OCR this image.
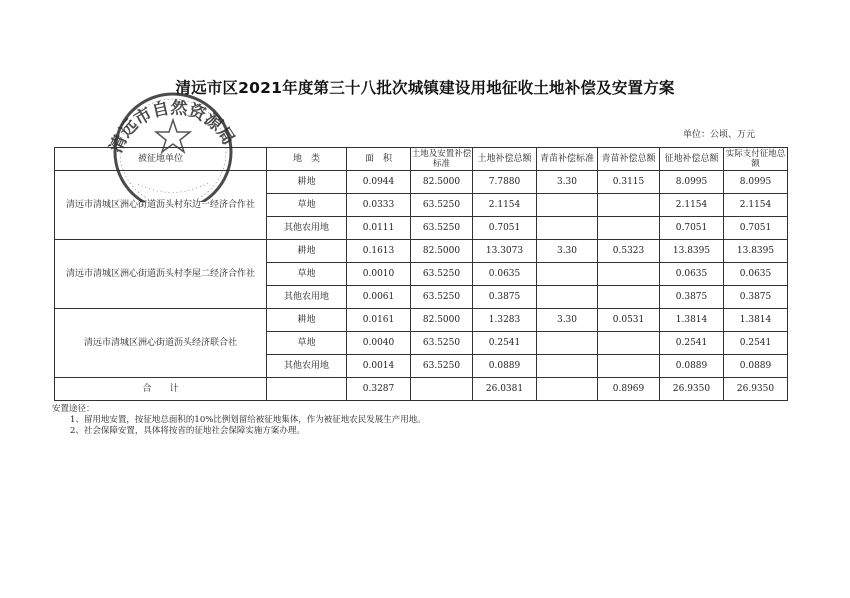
清远市区2021年度第三十八批次城镇建设用地征收土地补偿及安置方案
单位：公顷、万元
被征地单位	地　类	面　积	土地及安置补偿标准	土地补偿总额	青苗补偿标准	青苗补偿总额	征地补偿总额	实际支付征地总额
清远市清城区洲心街道沥头村东边一经济合作社	耕地	0.0944	82.5000	7.7880	3.30	0.3115	8.0995	8.0995
	草地	0.0333	63.5250	2.1154			2.1154	2.1154
	其他农用地	0.0111	63.5250	0.7051			0.7051	0.7051
清远市清城区洲心街道沥头村李屋二经济合作社	耕地	0.1613	82.5000	13.3073	3.30	0.5323	13.8395	13.8395
	草地	0.0010	63.5250	0.0635			0.0635	0.0635
	其他农用地	0.0061	63.5250	0.3875			0.3875	0.3875
清远市清城区洲心街道沥头经济联合社	耕地	0.0161	82.5000	1.3283	3.30	0.0531	1.3814	1.3814
	草地	0.0040	63.5250	0.2541			0.2541	0.2541
	其他农用地	0.0014	63.5250	0.0889			0.0889	0.0889
合　　计		0.3287		26.0381		0.8969	26.9350	26.9350
安置途径：
1、留用地安置，按征地总面积的10%比例划留给被征地集体，作为被征地农民发展生产用地。
2、社会保障安置，具体将按省的征地社会保障实施方案办理。
清远市自然资源局
